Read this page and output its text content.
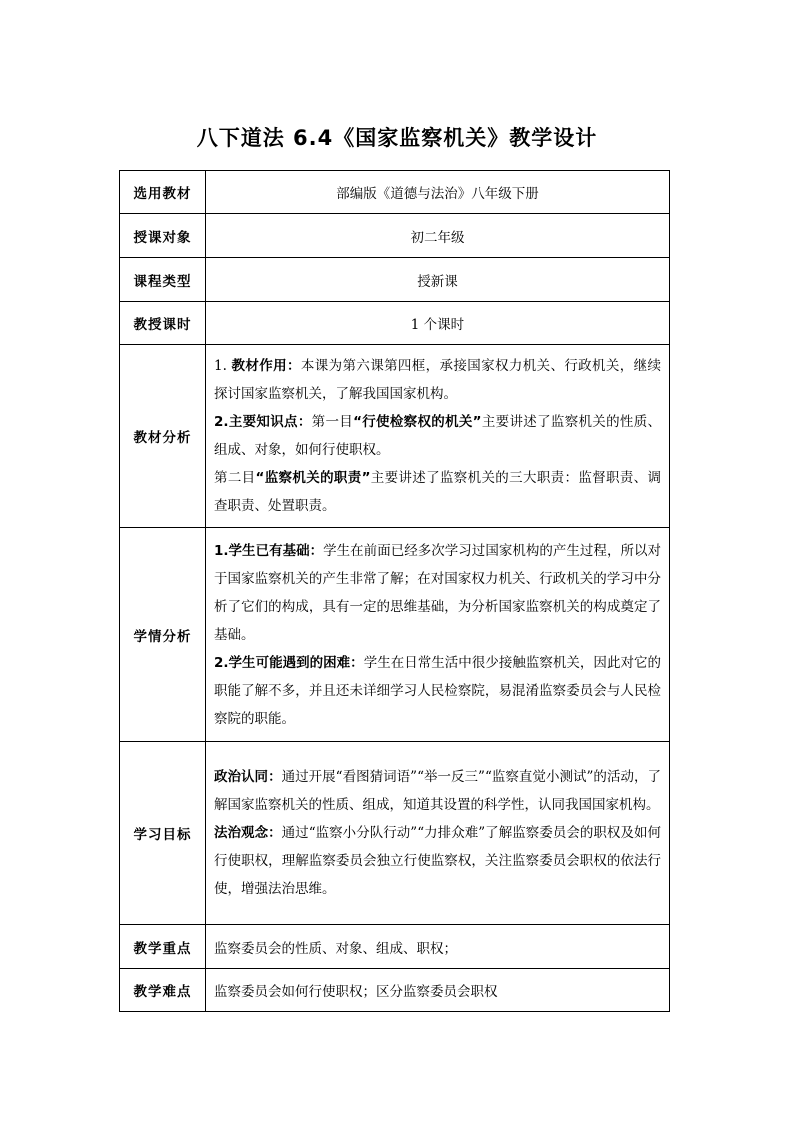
八下道法 6.4《国家监察机关》教学设计
选用教材	部编版《道德与法治》八年级下册
授课对象	初二年级
课程类型	授新课
教授课时	1 个课时
教材分析	1. 教材作用：本课为第六课第四框，承接国家权力机关、行政机关，继续探讨国家监察机关，了解我国国家机构。

2.主要知识点：第一目“行使检察权的机关”主要讲述了监察机关的性质、组成、对象，如何行使职权。

第二目“监察机关的职责”主要讲述了监察机关的三大职责：监督职责、调查职责、处置职责。

学情分析	1.学生已有基础：学生在前面已经多次学习过国家机构的产生过程，所以对于国家监察机关的产生非常了解；在对国家权力机关、行政机关的学习中分析了它们的构成，具有一定的思维基础，为分析国家监察机关的构成奠定了基础。

2.学生可能遇到的困难：学生在日常生活中很少接触监察机关，因此对它的职能了解不多，并且还未详细学习人民检察院，易混淆监察委员会与人民检察院的职能。

学习目标	政治认同：通过开展“看图猜词语”“举一反三”“监察直觉小测试”的活动，了解国家监察机关的性质、组成，知道其设置的科学性，认同我国国家机构。

法治观念：通过“监察小分队行动”“力排众难”了解监察委员会的职权及如何行使职权，理解监察委员会独立行使监察权，关注监察委员会职权的依法行使，增强法治思维。

教学重点	监察委员会的性质、对象、组成、职权；
教学难点	监察委员会如何行使职权；区分监察委员会职权
